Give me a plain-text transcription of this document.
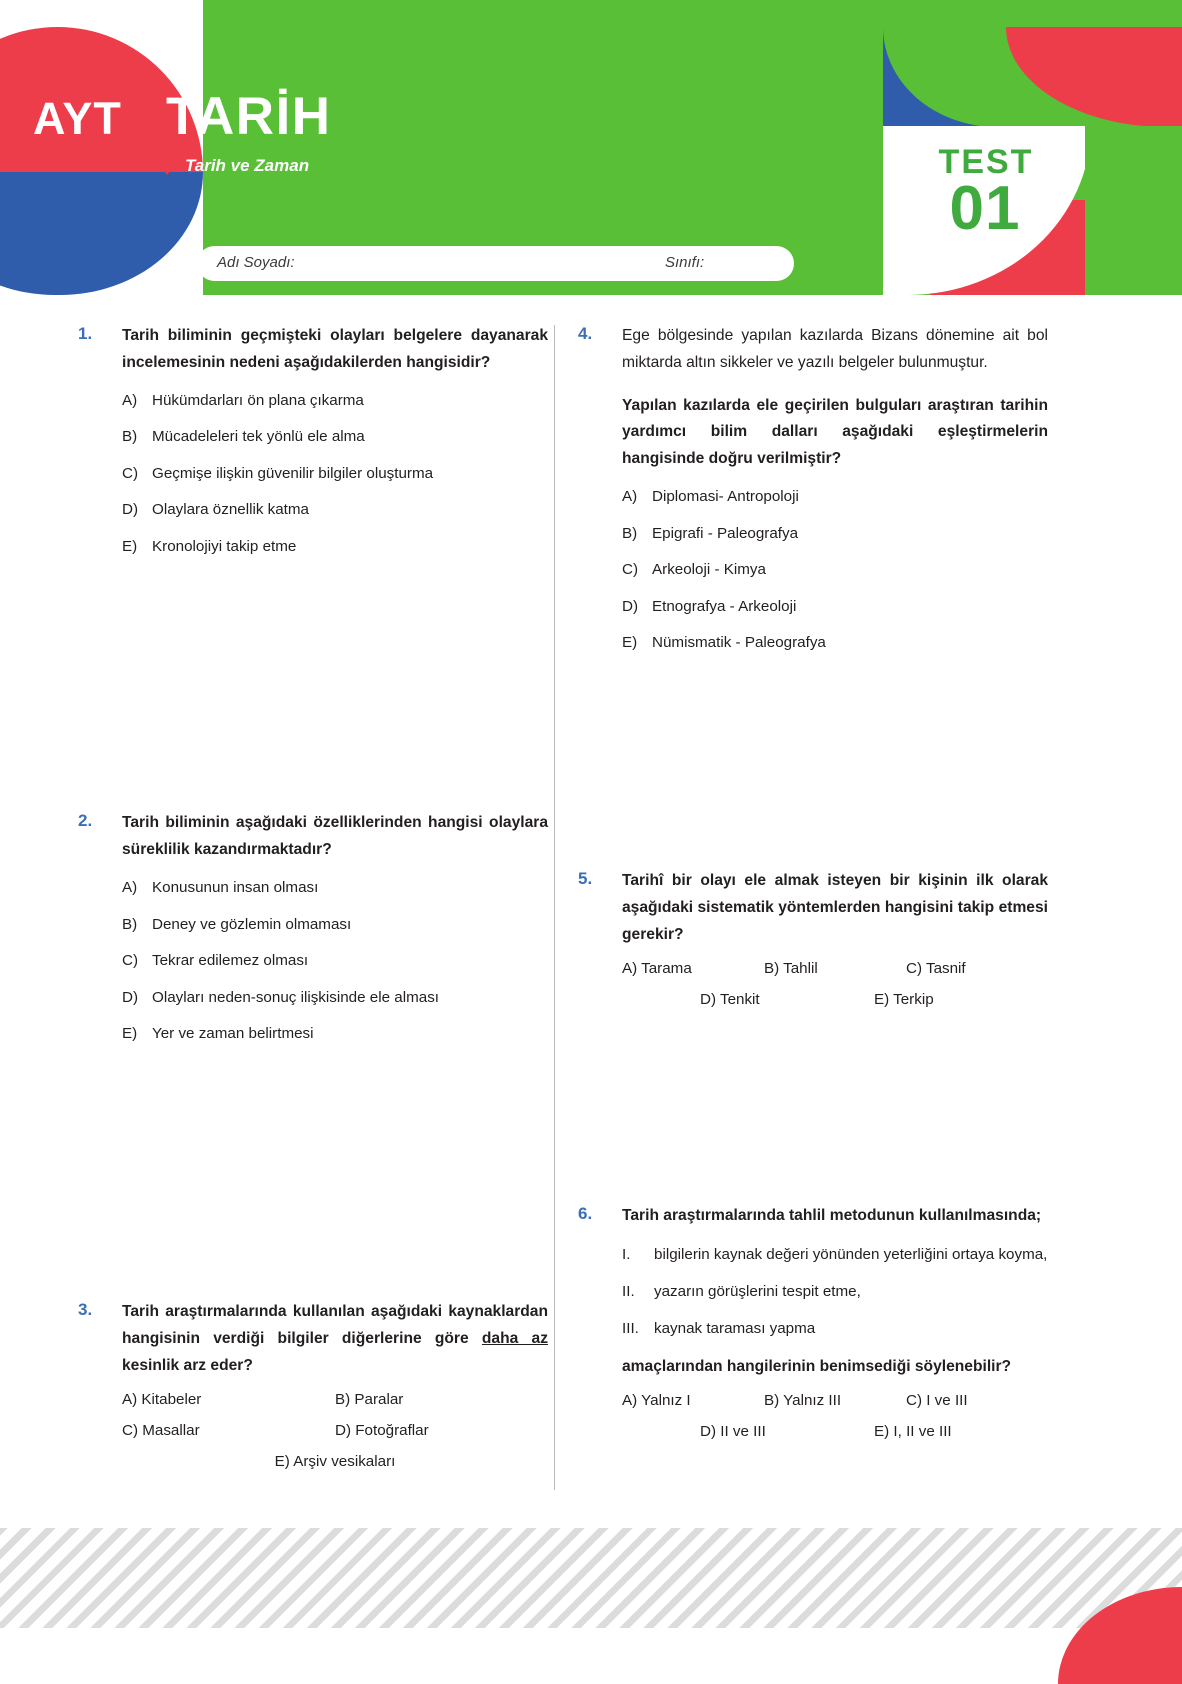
AYT TARİH
Tarih ve Zaman	TEST
01
Adı Soyadı:	Sınıfı:
1.	Tarih biliminin geçmişteki olayları belgelere dayanarak incelemesinin nedeni aşağıdakilerden hangisidir?
A) Hükümdarları ön plana çıkarma
B) Mücadeleleri tek yönlü ele alma
C) Geçmişe ilişkin güvenilir bilgiler oluşturma
D) Olaylara öznellik katma
E) Kronolojiyi takip etme
2.	Tarih biliminin aşağıdaki özelliklerinden hangisi olaylara süreklilik kazandırmaktadır?
A) Konusunun insan olması
B) Deney ve gözlemin olmaması
C) Tekrar edilemez olması
D) Olayları neden-sonuç ilişkisinde ele alması
E) Yer ve zaman belirtmesi
3.	Tarih araştırmalarında kullanılan aşağıdaki kaynaklardan hangisinin verdiği bilgiler diğerlerine göre daha az kesinlik arz eder?
A) Kitabeler	B) Paralar
C) Masallar	D) Fotoğraflar
E) Arşiv vesikaları
4.	Ege bölgesinde yapılan kazılarda Bizans dönemine ait bol miktarda altın sikkeler ve yazılı belgeler bulunmuştur.
Yapılan kazılarda ele geçirilen bulguları araştıran tarihin yardımcı bilim dalları aşağıdaki eşleştirmelerin hangisinde doğru verilmiştir?
A) Diplomasi- Antropoloji
B) Epigrafi - Paleografya
C) Arkeoloji - Kimya
D) Etnografya - Arkeoloji
E) Nümismatik - Paleografya
5.	Tarihî bir olayı ele almak isteyen bir kişinin ilk olarak aşağıdaki sistematik yöntemlerden hangisini takip etmesi gerekir?
A) Tarama	B) Tahlil	C) Tasnif
D) Tenkit	E) Terkip
6.	Tarih araştırmalarında tahlil metodunun kullanılmasında;
I.	bilgilerin kaynak değeri yönünden yeterliğini ortaya koyma,
II.	yazarın görüşlerini tespit etme,
III. kaynak taraması yapma
amaçlarından hangilerinin benimsediği söylenebilir?
A) Yalnız I	B) Yalnız III	C) I ve III
D) II ve III	E) I, II ve III
